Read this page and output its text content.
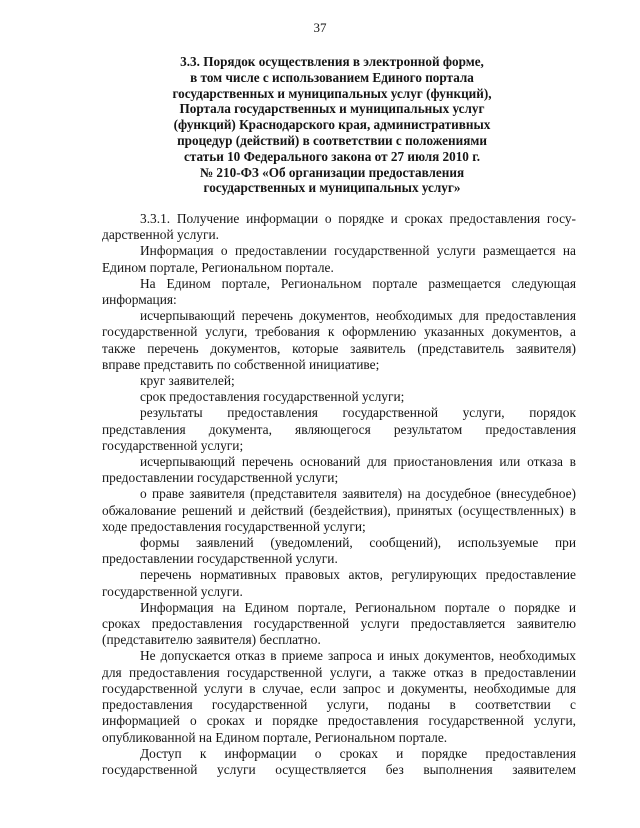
37
3.3. Порядок осуществления в электронной форме,
в том числе с использованием Единого портала
государственных и муниципальных услуг (функций),
Портала государственных и муниципальных услуг
(функций) Краснодарского края, административных
процедур (действий) в соответствии с положениями
статьи 10 Федерального закона от 27 июля 2010 г.
№ 210-ФЗ «Об организации предоставления
государственных и муниципальных услуг»
3.3.1. Получение информации о порядке и сроках предоставления госу-
дарственной услуги.
Информация о предоставлении государственной услуги размещается на
Едином портале, Региональном портале.
На Едином портале, Региональном портале размещается следующая
информация:
исчерпывающий перечень документов, необходимых для предоставления
государственной услуги, требования к оформлению указанных документов, а
также перечень документов, которые заявитель (представитель заявителя)
вправе представить по собственной инициативе;
круг заявителей;
срок предоставления государственной услуги;
результаты предоставления государственной услуги, порядок
представления документа, являющегося результатом предоставления
государственной услуги;
исчерпывающий перечень оснований для приостановления или отказа в
предоставлении государственной услуги;
о праве заявителя (представителя заявителя) на досудебное (внесудебное)
обжалование решений и действий (бездействия), принятых (осуществленных) в
ходе предоставления государственной услуги;
формы заявлений (уведомлений, сообщений), используемые при
предоставлении государственной услуги.
перечень нормативных правовых актов, регулирующих предоставление
государственной услуги.
Информация на Едином портале, Региональном портале о порядке и
сроках предоставления государственной услуги предоставляется заявителю
(представителю заявителя) бесплатно.
Не допускается отказ в приеме запроса и иных документов, необходимых
для предоставления государственной услуги, а также отказ в предоставлении
государственной услуги в случае, если запрос и документы, необходимые для
предоставления государственной услуги, поданы в соответствии с
информацией о сроках и порядке предоставления государственной услуги,
опубликованной на Едином портале, Региональном портале.
Доступ к информации о сроках и порядке предоставления
государственной услуги осуществляется без выполнения заявителем
